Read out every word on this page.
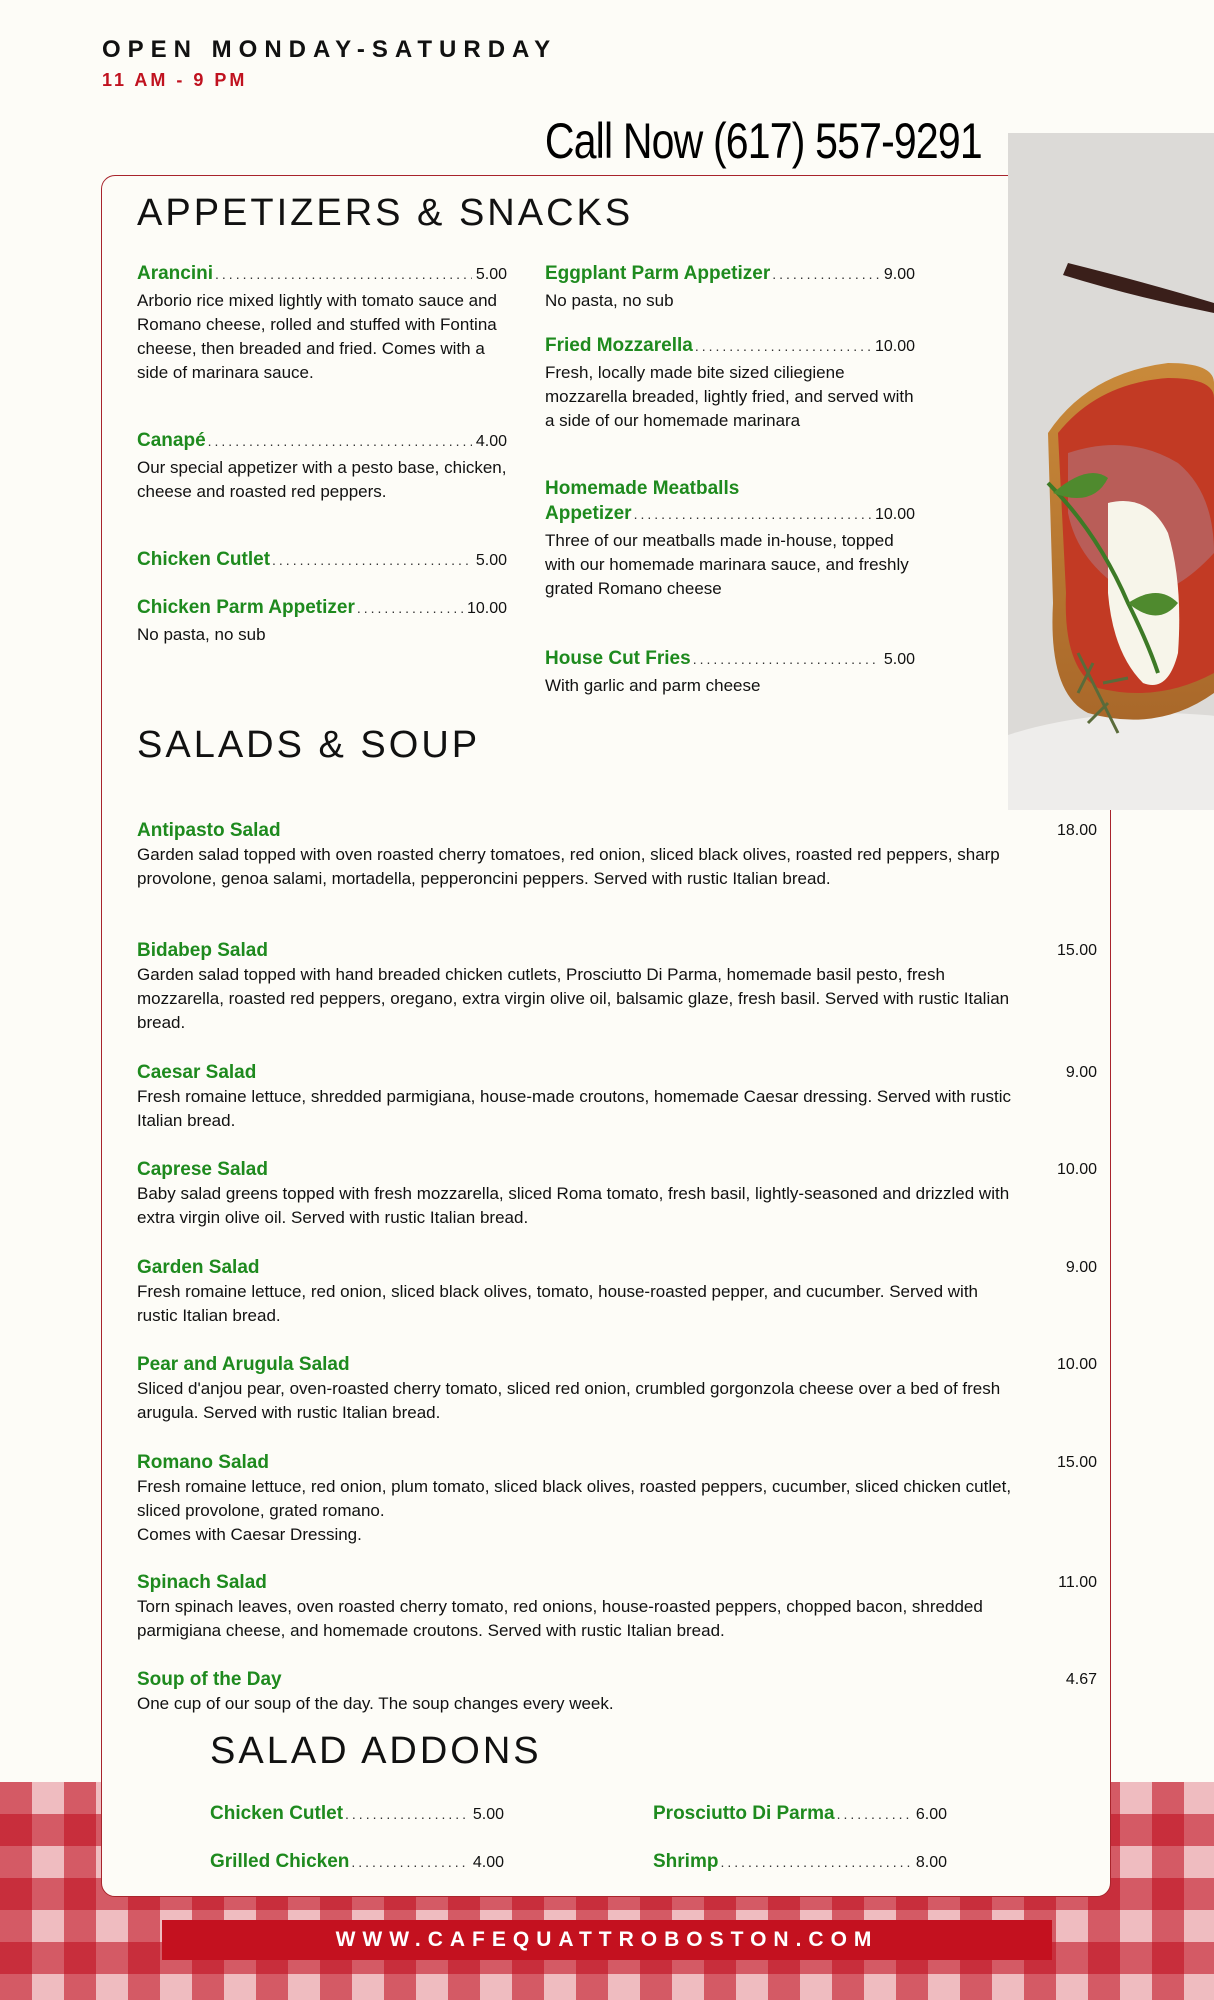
OPEN MONDAY-SATURDAY
11 AM - 9 PM
Call Now (617) 557-9291
WWW.CAFEQUATTROBOSTON.COM
APPETIZERS & SNACKS
Arancini .....	5.00

Arborio rice mixed lightly with tomato sauce and Romano cheese, rolled and stuffed with Fontina cheese, then breaded and fried. Comes with a side of marinara sauce.

Canapé .....	4.00

Our special appetizer with a pesto base, chicken, cheese and roasted red peppers.

Chicken Cutlet .....	5.00
Chicken Parm Appetizer .....	10.00

No pasta, no sub

Eggplant Parm Appetizer .....	9.00

No pasta, no sub

Fried Mozzarella .....	10.00

Fresh, locally made bite sized ciliegiene mozzarella breaded, lightly fried, and served with a side of our homemade marinara

Homemade Meatballs
Appetizer .....	10.00

Three of our meatballs made in-house, topped with our homemade marinara sauce, and freshly grated Romano cheese

House Cut Fries .....	5.00

With garlic and parm cheese

SALADS & SOUP
Antipasto Salad	18.00

Garden salad topped with oven roasted cherry tomatoes, red onion, sliced black olives, roasted red peppers, sharp provolone, genoa salami, mortadella, pepperoncini peppers. Served with rustic Italian bread.

Bidabep Salad	15.00

Garden salad topped with hand breaded chicken cutlets, Prosciutto Di Parma, homemade basil pesto, fresh mozzarella, roasted red peppers, oregano, extra virgin olive oil, balsamic glaze, fresh basil. Served with rustic Italian bread.

Caesar Salad	9.00

Fresh romaine lettuce, shredded parmigiana, house-made croutons, homemade Caesar dressing. Served with rustic Italian bread.

Caprese Salad	10.00

Baby salad greens topped with fresh mozzarella, sliced Roma tomato, fresh basil, lightly-seasoned and drizzled with extra virgin olive oil. Served with rustic Italian bread.

Garden Salad	9.00

Fresh romaine lettuce, red onion, sliced black olives, tomato, house-roasted pepper, and cucumber. Served with rustic Italian bread.

Pear and Arugula Salad	10.00

Sliced d'anjou pear, oven-roasted cherry tomato, sliced red onion, crumbled gorgonzola cheese over a bed of fresh arugula. Served with rustic Italian bread.

Romano Salad	15.00

Fresh romaine lettuce, red onion, plum tomato, sliced black olives, roasted peppers, cucumber, sliced chicken cutlet, sliced provolone, grated romano.

Comes with Caesar Dressing.

Spinach Salad	11.00

Torn spinach leaves, oven roasted cherry tomato, red onions, house-roasted peppers, chopped bacon, shredded parmigiana cheese, and homemade croutons. Served with rustic Italian bread.

Soup of the Day	4.67

One cup of our soup of the day. The soup changes every week.

SALAD ADDONS
Chicken Cutlet .....	5.00	Prosciutto Di Parma .....	6.00
Grilled Chicken .....	4.00	Shrimp .....	8.00
